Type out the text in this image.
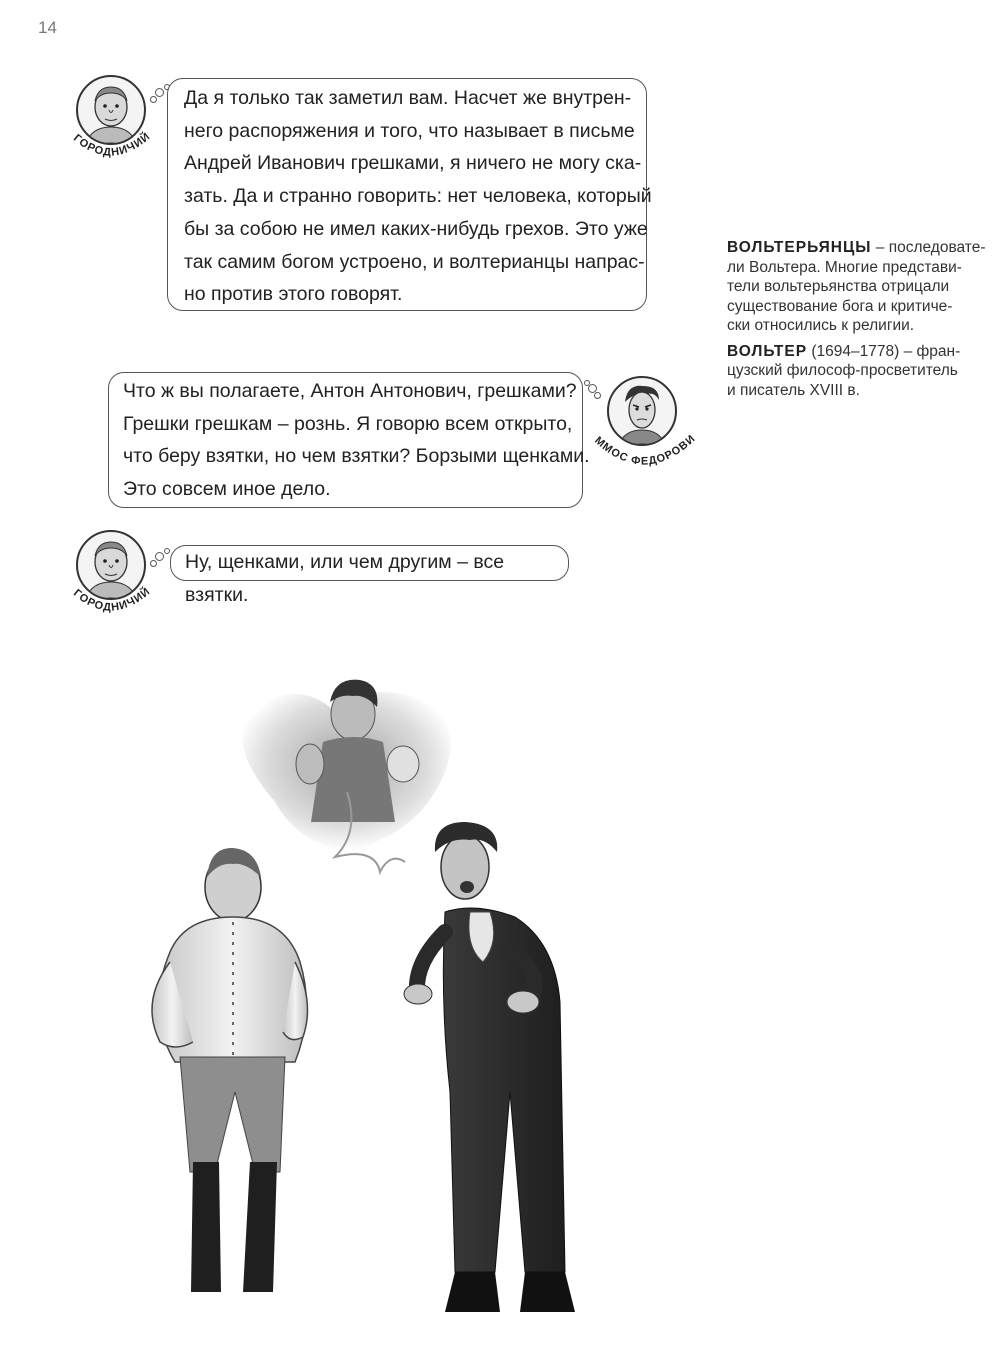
14
ГОРОДНИЧИЙ
Да я только так заметил вам. Насчет же внутрен-
него распоряжения и того, что называет в письме
Андрей Иванович грешками, я ничего не могу ска-
зать. Да и странно говорить: нет человека, который
бы за собою не имел каких-нибудь грехов. Это уже
так самим богом устроено, и волтерианцы напрас-
но против этого говорят.
ВОЛЬТЕРЬЯНЦЫ – последовате-
ли Вольтера. Многие представи-
тели вольтерьянства отрицали
существование бога и критиче-
ски относились к религии.
ВОЛЬТЕР (1694–1778) – фран-
цузский философ-просветитель
и писатель XVIII в.
Что ж вы полагаете, Антон Антонович, грешками?
Грешки грешкам – рознь. Я говорю всем открыто,
что беру взятки, но чем взятки? Борзыми щенками.
Это совсем иное дело.
АММОС ФЕДОРОВИЧ
ГОРОДНИЧИЙ
Ну, щенками, или чем другим – все взятки.
